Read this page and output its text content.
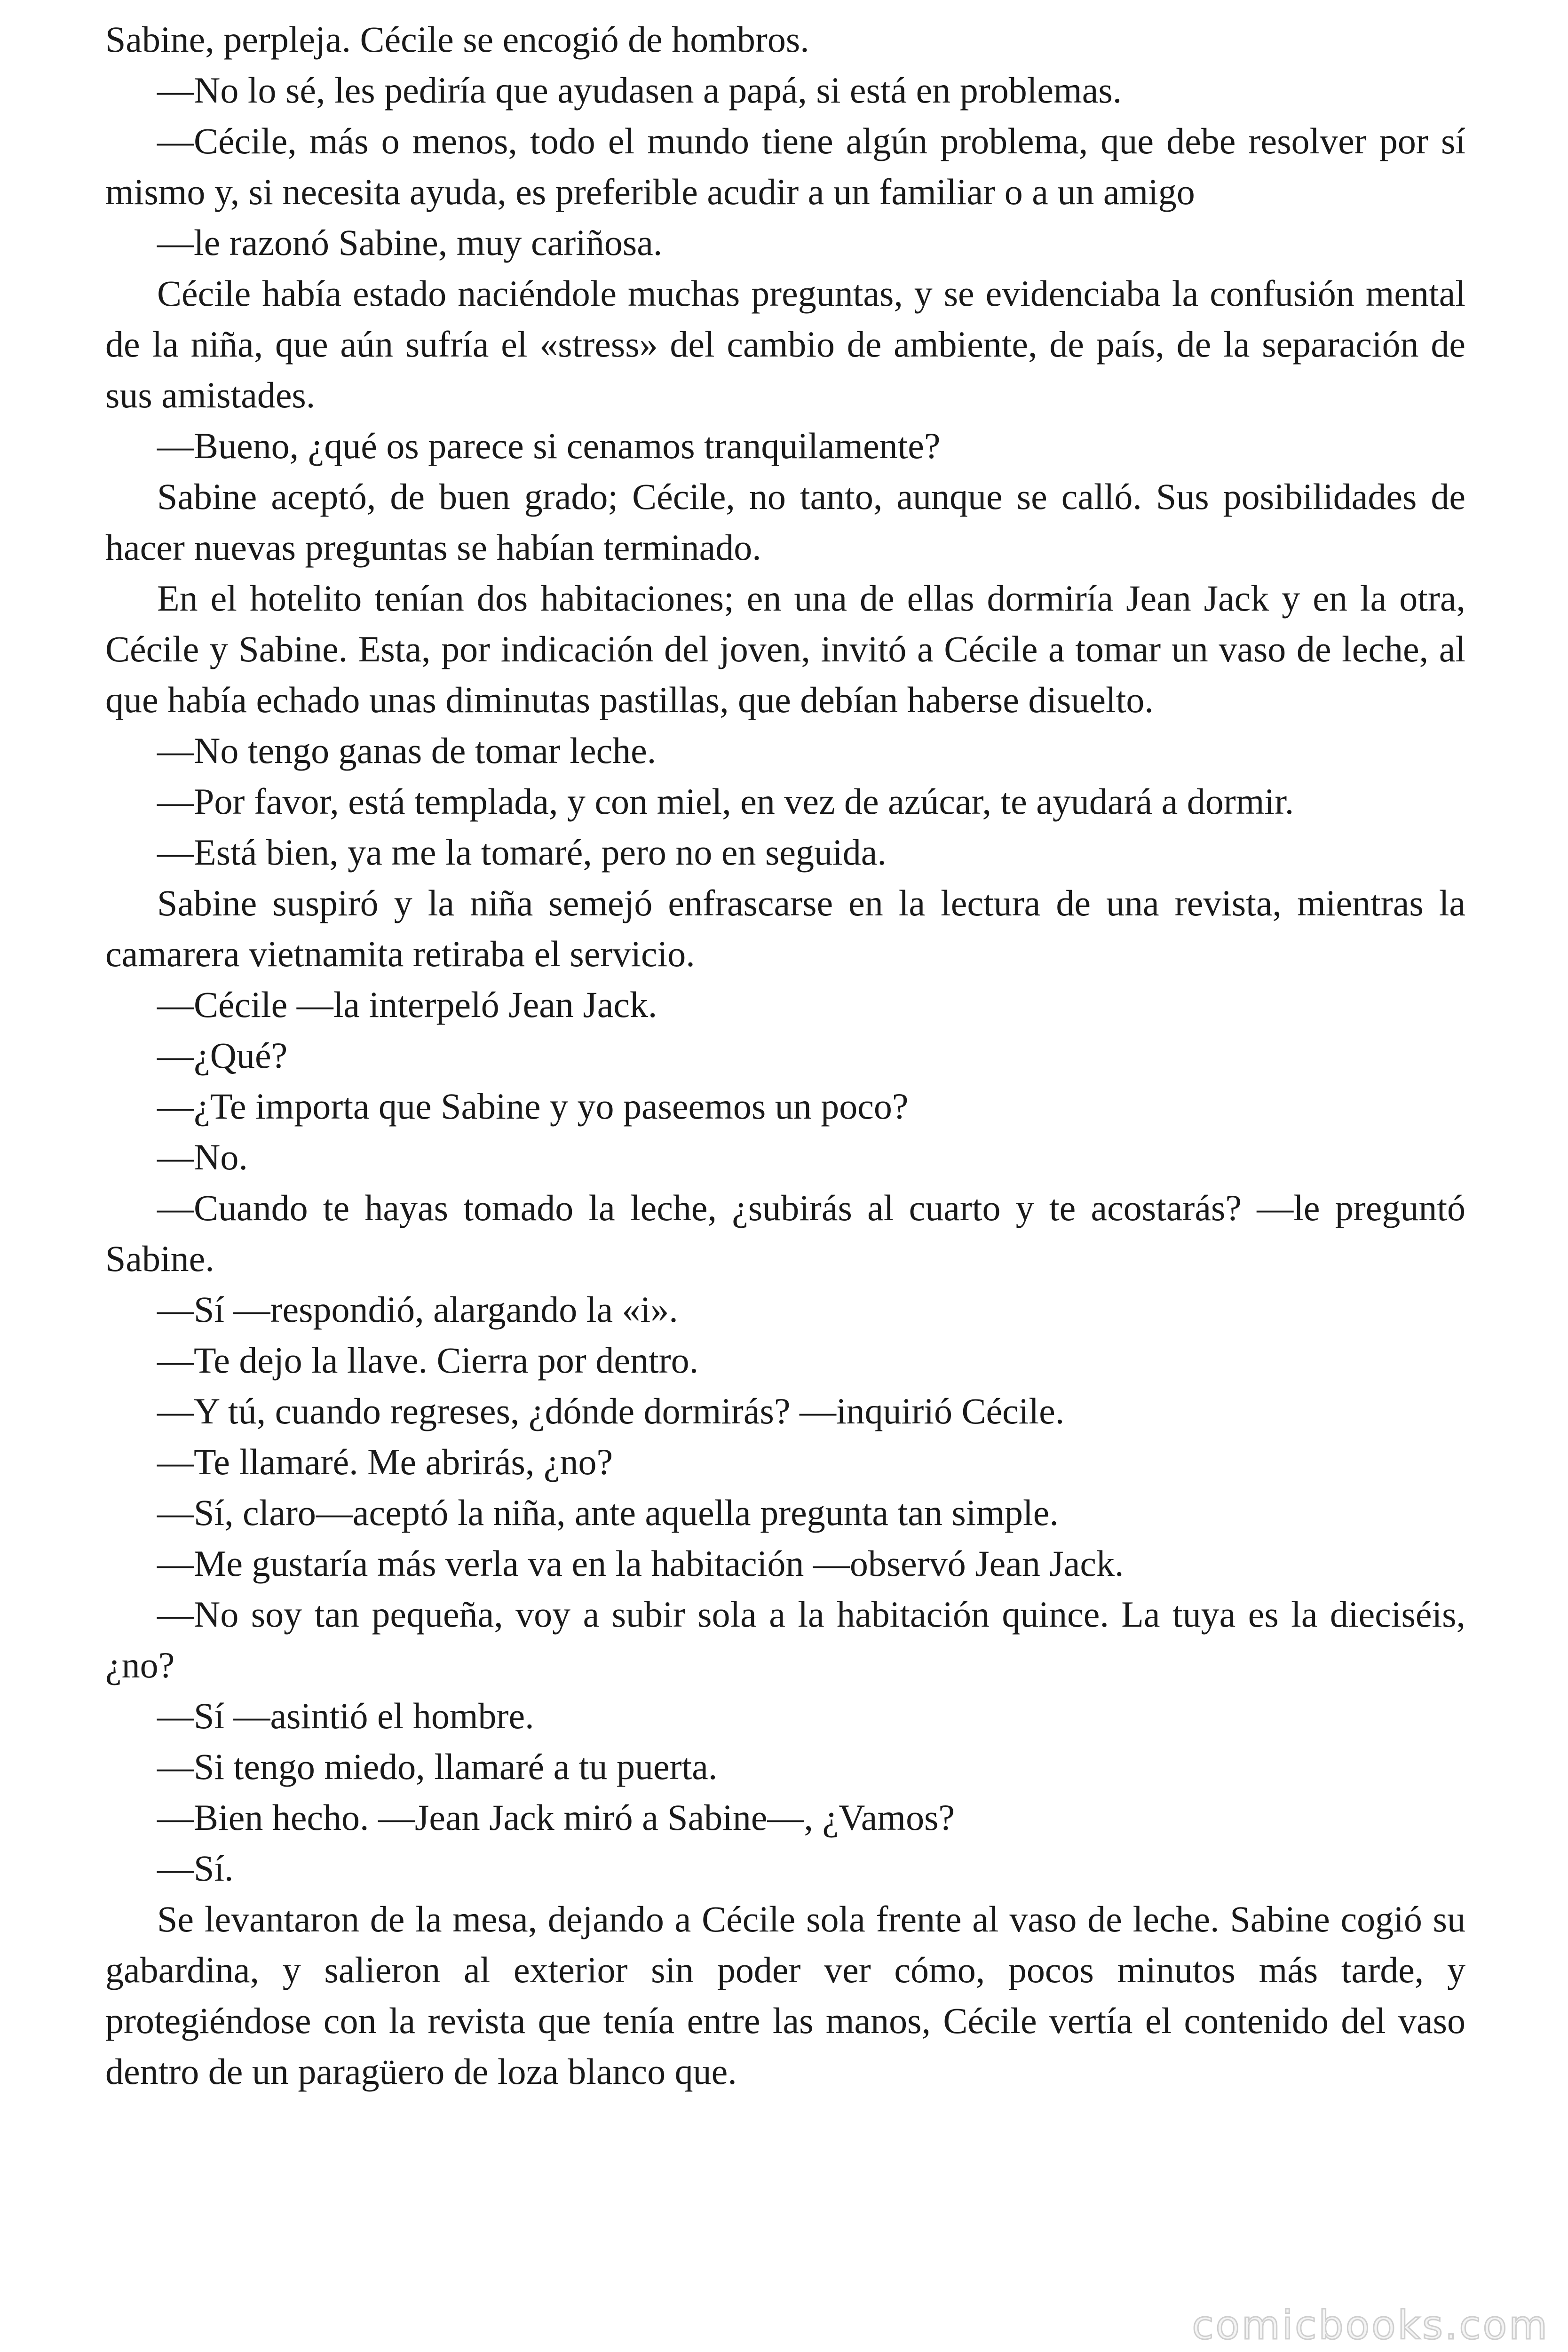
Sabine, perpleja. Cécile se encogió de hombros.

—No lo sé, les pediría que ayudasen a papá, si está en problemas.

—Cécile, más o menos, todo el mundo tiene algún problema, que debe resolver por sí mismo y, si necesita ayuda, es preferible acudir a un familiar o a un amigo

—le razonó Sabine, muy cariñosa.

Cécile había estado naciéndole muchas preguntas, y se evidenciaba la confusión mental de la niña, que aún sufría el «stress» del cambio de ambiente, de país, de la separación de sus amistades.

—Bueno, ¿qué os parece si cenamos tranquilamente?

Sabine aceptó, de buen grado; Cécile, no tanto, aunque se calló. Sus posibilidades de hacer nuevas preguntas se habían terminado.

En el hotelito tenían dos habitaciones; en una de ellas dormiría Jean Jack y en la otra, Cécile y Sabine. Esta, por indicación del joven, invitó a Cécile a tomar un vaso de leche, al que había echado unas diminutas pastillas, que debían haberse disuelto.

—No tengo ganas de tomar leche.

—Por favor, está templada, y con miel, en vez de azúcar, te ayudará a dormir.

—Está bien, ya me la tomaré, pero no en seguida.

Sabine suspiró y la niña semejó enfrascarse en la lectura de una revista, mientras la camarera vietnamita retiraba el servicio.

—Cécile —la interpeló Jean Jack.

—¿Qué?

—¿Te importa que Sabine y yo paseemos un poco?

—No.

—Cuando te hayas tomado la leche, ¿subirás al cuarto y te acostarás? —le preguntó Sabine.

—Sí —respondió, alargando la «i».

—Te dejo la llave. Cierra por dentro.

—Y tú, cuando regreses, ¿dónde dormirás? —inquirió Cécile.

—Te llamaré. Me abrirás, ¿no?

—Sí, claro—aceptó la niña, ante aquella pregunta tan simple.

—Me gustaría más verla va en la habitación —observó Jean Jack.

—No soy tan pequeña, voy a subir sola a la habitación quince. La tuya es la dieciséis, ¿no?

—Sí —asintió el hombre.

—Si tengo miedo, llamaré a tu puerta.

—Bien hecho. —Jean Jack miró a Sabine—, ¿Vamos?

—Sí.

Se levantaron de la mesa, dejando a Cécile sola frente al vaso de leche. Sabine cogió su gabardina, y salieron al exterior sin poder ver cómo, pocos minutos más tarde, y protegiéndose con la revista que tenía entre las manos, Cécile vertía el contenido del vaso dentro de un paragüero de loza blanco que.

comicbooks.com
